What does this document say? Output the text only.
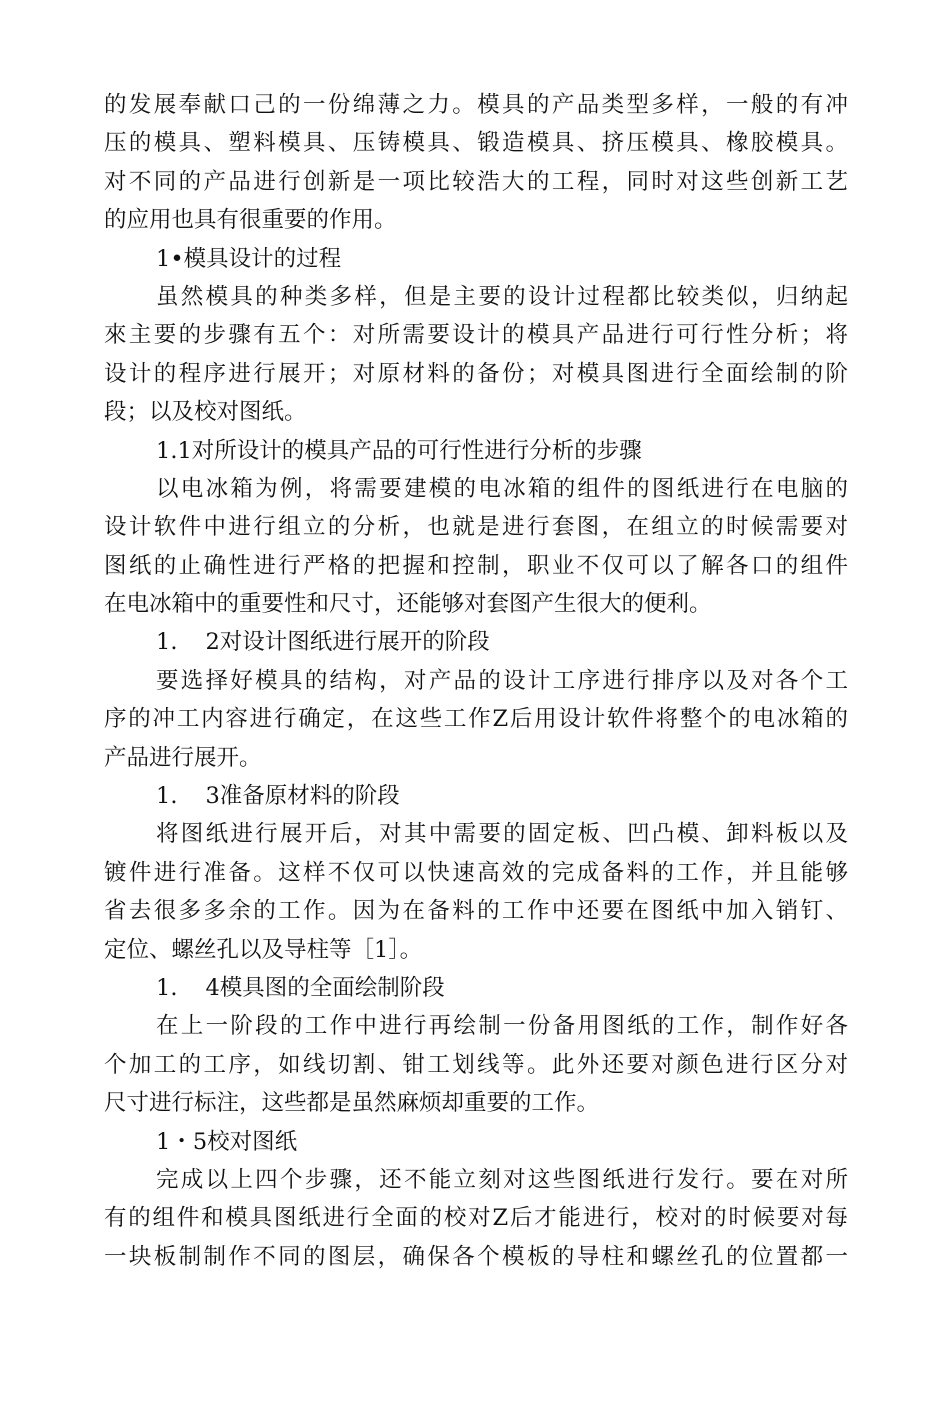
的发展奉献口己的一份绵薄之力。模具的产品类型多样，一般的有冲
压的模具、塑料模具、压铸模具、锻造模具、挤压模具、橡胶模具。
对不同的产品进行创新是一项比较浩大的工程，同时对这些创新工艺
的应用也具有很重要的作用。
1•模具设计的过程
虽然模具的种类多样，但是主要的设计过程都比较类似，归纳起
來主要的步骤有五个：对所需要设计的模具产品进行可行性分析；将
设计的程序进行展开；对原材料的备份；对模具图进行全面绘制的阶
段；以及校对图纸。
1.1对所设计的模具产品的可行性进行分析的步骤
以电冰箱为例，将需要建模的电冰箱的组件的图纸进行在电脑的
设计软件中进行组立的分析，也就是进行套图，在组立的时候需要对
图纸的止确性进行严格的把握和控制，职业不仅可以了解各口的组件
在电冰箱中的重要性和尺寸，还能够对套图产生很大的便利。
1. 2对设计图纸进行展开的阶段
要选择好模具的结构，对产品的设计工序进行排序以及对各个工
序的冲工内容进行确定，在这些工作Z后用设计软件将整个的电冰箱的
产品进行展开。
1. 3准备原材料的阶段
将图纸进行展开后，对其中需要的固定板、凹凸模、卸料板以及
镀件进行准备。这样不仅可以快速高效的完成备料的工作，并且能够
省去很多多余的工作。因为在备料的工作中还要在图纸中加入销钉、
定位、螺丝孔以及导柱等［1］。
1. 4模具图的全面绘制阶段
在上一阶段的工作中进行再绘制一份备用图纸的工作，制作好各
个加工的工序，如线切割、钳工划线等。此外还要对颜色进行区分对
尺寸进行标注，这些都是虽然麻烦却重要的工作。
1・5校对图纸
完成以上四个步骤，还不能立刻对这些图纸进行发行。要在对所
有的组件和模具图纸进行全面的校对Z后才能进行，校对的时候要对每
一块板制制作不同的图层，确保各个模板的导柱和螺丝孔的位置都一
